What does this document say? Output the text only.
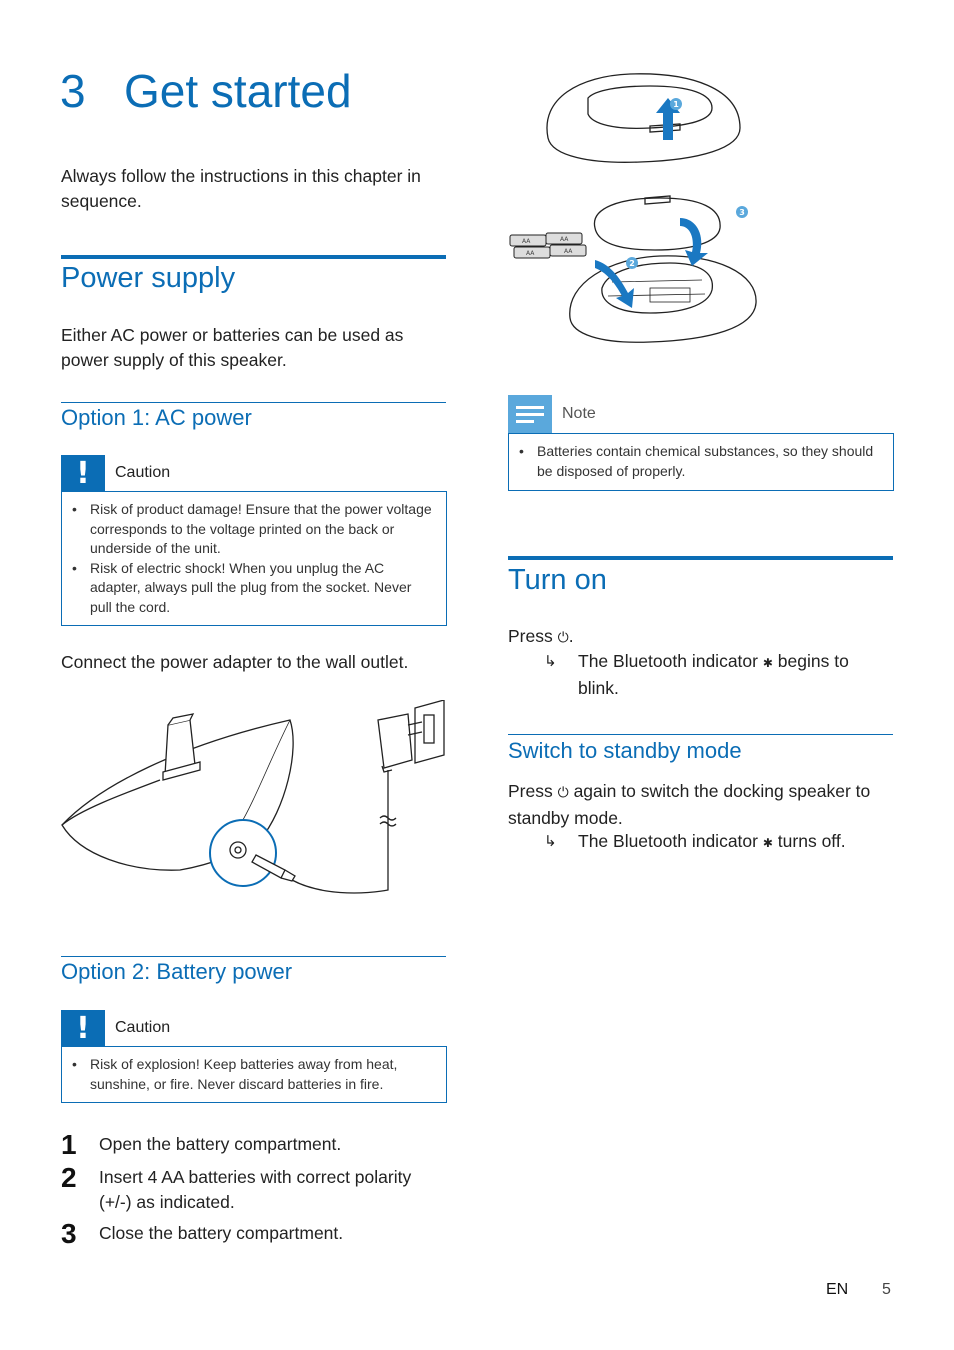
3 Get started
Always follow the instructions in this chapter in sequence.
Power supply
Either AC power or batteries can be used as power supply of this speaker.
Option 1: AC power
!	Caution
• Risk of product damage! Ensure that the power voltage corresponds to the voltage printed on the back or underside of the unit.
• Risk of electric shock! When you unplug the AC adapter, always pull the plug from the socket. Never pull the cord.
Connect the power adapter to the wall outlet.
Option 2: Battery power
!	Caution
• Risk of explosion! Keep batteries away from heat, sunshine, or fire. Never discard batteries in fire.
1	Open the battery compartment.
2	Insert 4 AA batteries with correct polarity (+/-) as indicated.
3	Close the battery compartment.
AA	AA
AA	AA
1
2
3
Note
• Batteries contain chemical substances, so they should be disposed of properly.
Turn on
Press ⏻.
↳	The Bluetooth indicator ✱ begins to blink.
Switch to standby mode
Press ⏻ again to switch the docking speaker to standby mode.
↳	The Bluetooth indicator ✱ turns off.
EN 5
